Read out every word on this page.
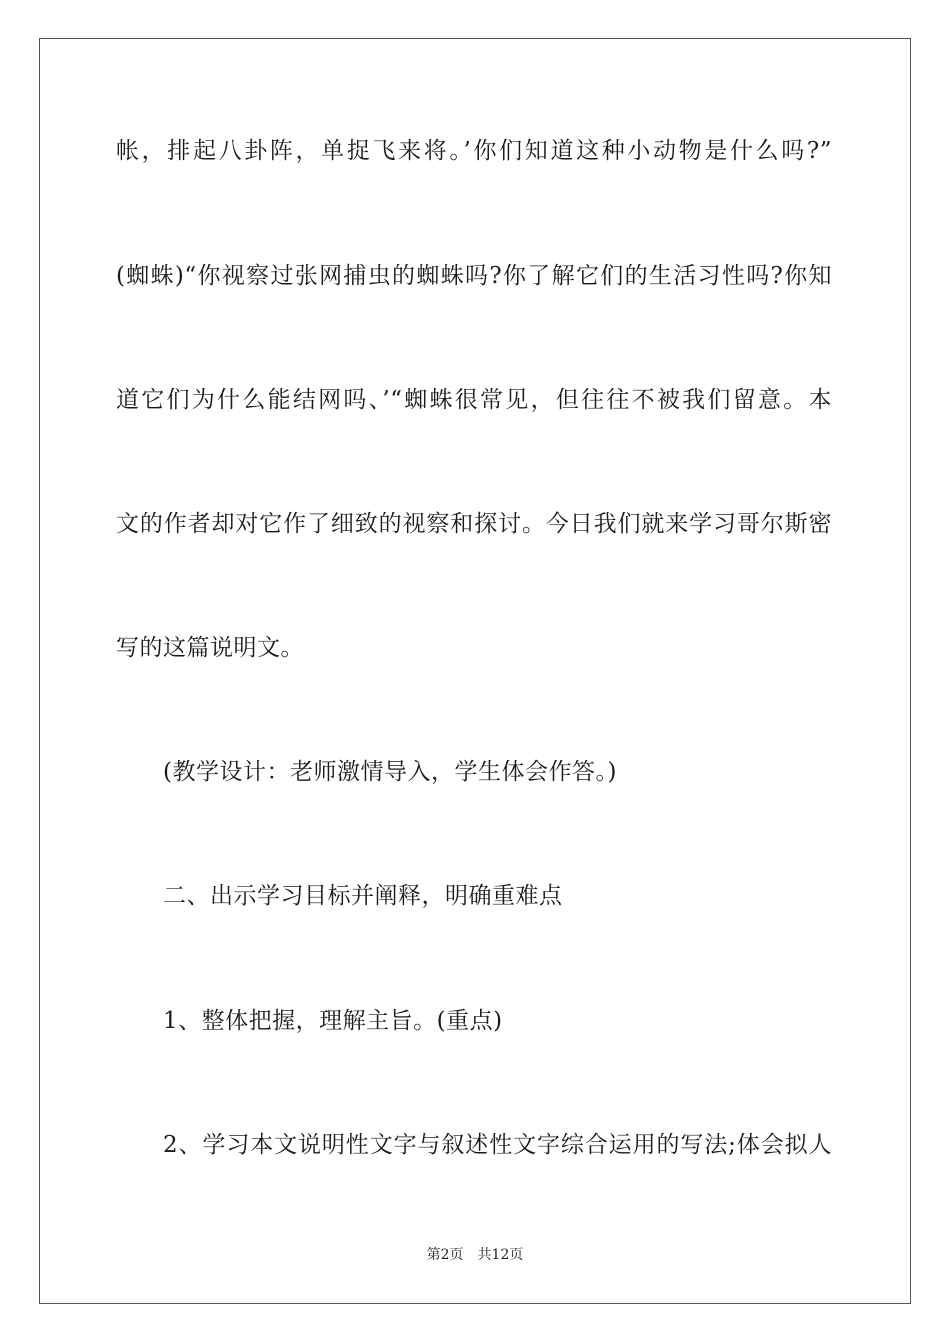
帐，排起八卦阵，单捉飞来将。’你们知道这种小动物是什么吗?”
(蜘蛛)“你视察过张网捕虫的蜘蛛吗?你了解它们的生活习性吗?你知
道它们为什么能结网吗、’“蜘蛛很常见，但往往不被我们留意。本
文的作者却对它作了细致的视察和探讨。今日我们就来学习哥尔斯密
写的这篇说明文。
(教学设计：老师激情导入，学生体会作答。)
二、出示学习目标并阐释，明确重难点
1、整体把握，理解主旨。(重点)
2、学习本文说明性文字与叙述性文字综合运用的写法;体会拟人
第2页 共12页
